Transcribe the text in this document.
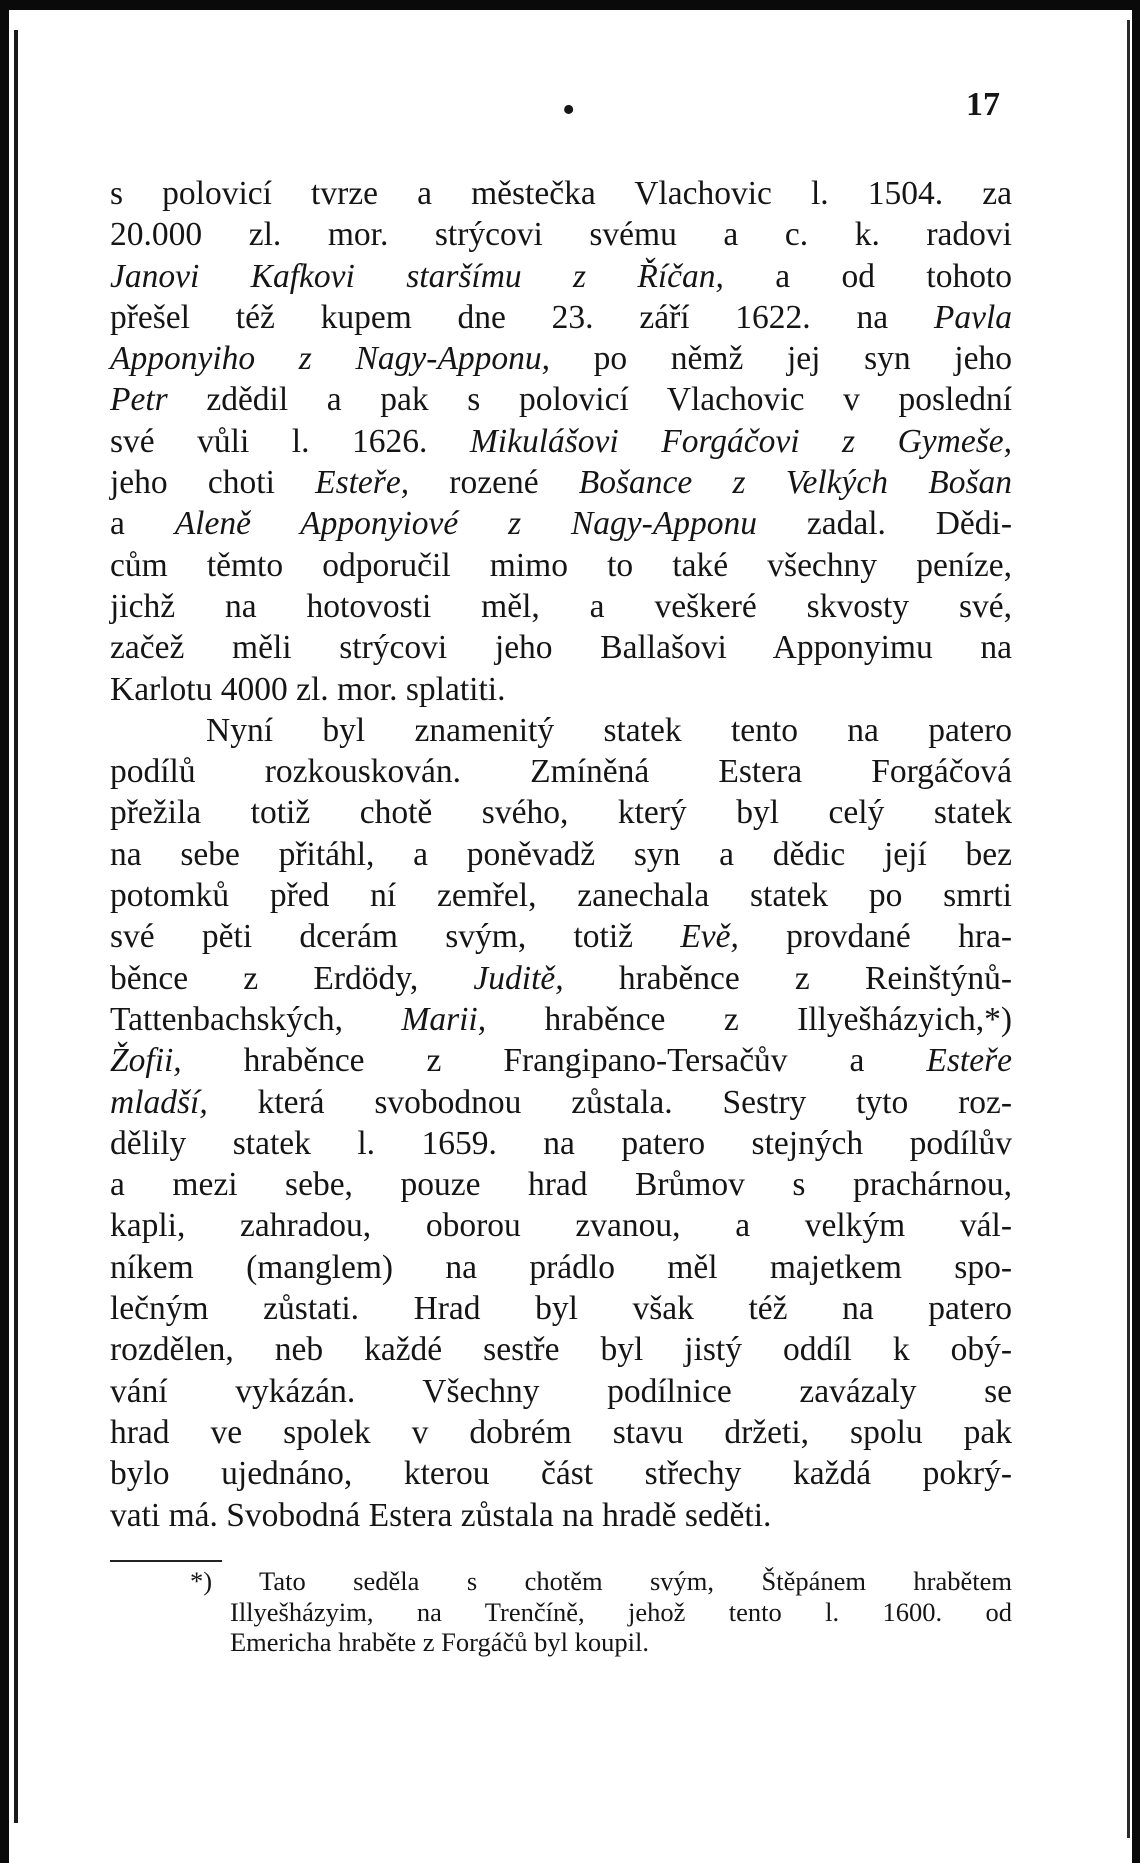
•	17
s polovicí tvrze a městečka Vlachovic l. 1504. za
20.000 zl. mor. strýcovi svému a c. k. radovi
Janovi Kafkovi staršímu z Říčan, a od tohoto
přešel též kupem dne 23. září 1622. na Pavla
Apponyiho z Nagy-Apponu, po němž jej syn jeho
Petr zdědil a pak s polovicí Vlachovic v poslední
své vůli l. 1626. Mikulášovi Forgáčovi z Gymeše,
jeho choti Esteře, rozené Bošance z Velkých Bošan
a Aleně Apponyiové z Nagy-Apponu zadal. Dědi-
cům těmto odporučil mimo to také všechny peníze,
jichž na hotovosti měl, a veškeré skvosty své,
začež měli strýcovi jeho Ballašovi Apponyimu na
Karlotu 4000 zl. mor. splatiti.
Nyní byl znamenitý statek tento na patero
podílů rozkouskován. Zmíněná Estera Forgáčová
přežila totiž chotě svého, který byl celý statek
na sebe přitáhl, a poněvadž syn a dědic její bez
potomků před ní zemřel, zanechala statek po smrti
své pěti dcerám svým, totiž Evě, provdané hra-
běnce z Erdödy, Juditě, hraběnce z Reinštýnů-
Tattenbachských, Marii, hraběnce z Illyešházyich,*)
Žofii, hraběnce z Frangipano-Tersačův a Esteře
mladší, která svobodnou zůstala. Sestry tyto roz-
dělily statek l. 1659. na patero stejných podílův
a mezi sebe, pouze hrad Brůmov s prachárnou,
kapli, zahradou, oborou zvanou, a velkým vál-
níkem (manglem) na prádlo měl majetkem spo-
lečným zůstati. Hrad byl však též na patero
rozdělen, neb každé sestře byl jistý oddíl k obý-
vání vykázán. Všechny podílnice zavázaly se
hrad ve spolek v dobrém stavu držeti, spolu pak
bylo ujednáno, kterou část střechy každá pokrý-
vati má. Svobodná Estera zůstala na hradě seděti.
*) Tato seděla s chotěm svým, Štěpánem hrabětem
Illyešházyim, na Trenčíně, jehož tento l. 1600. od
Emericha hraběte z Forgáčů byl koupil.
